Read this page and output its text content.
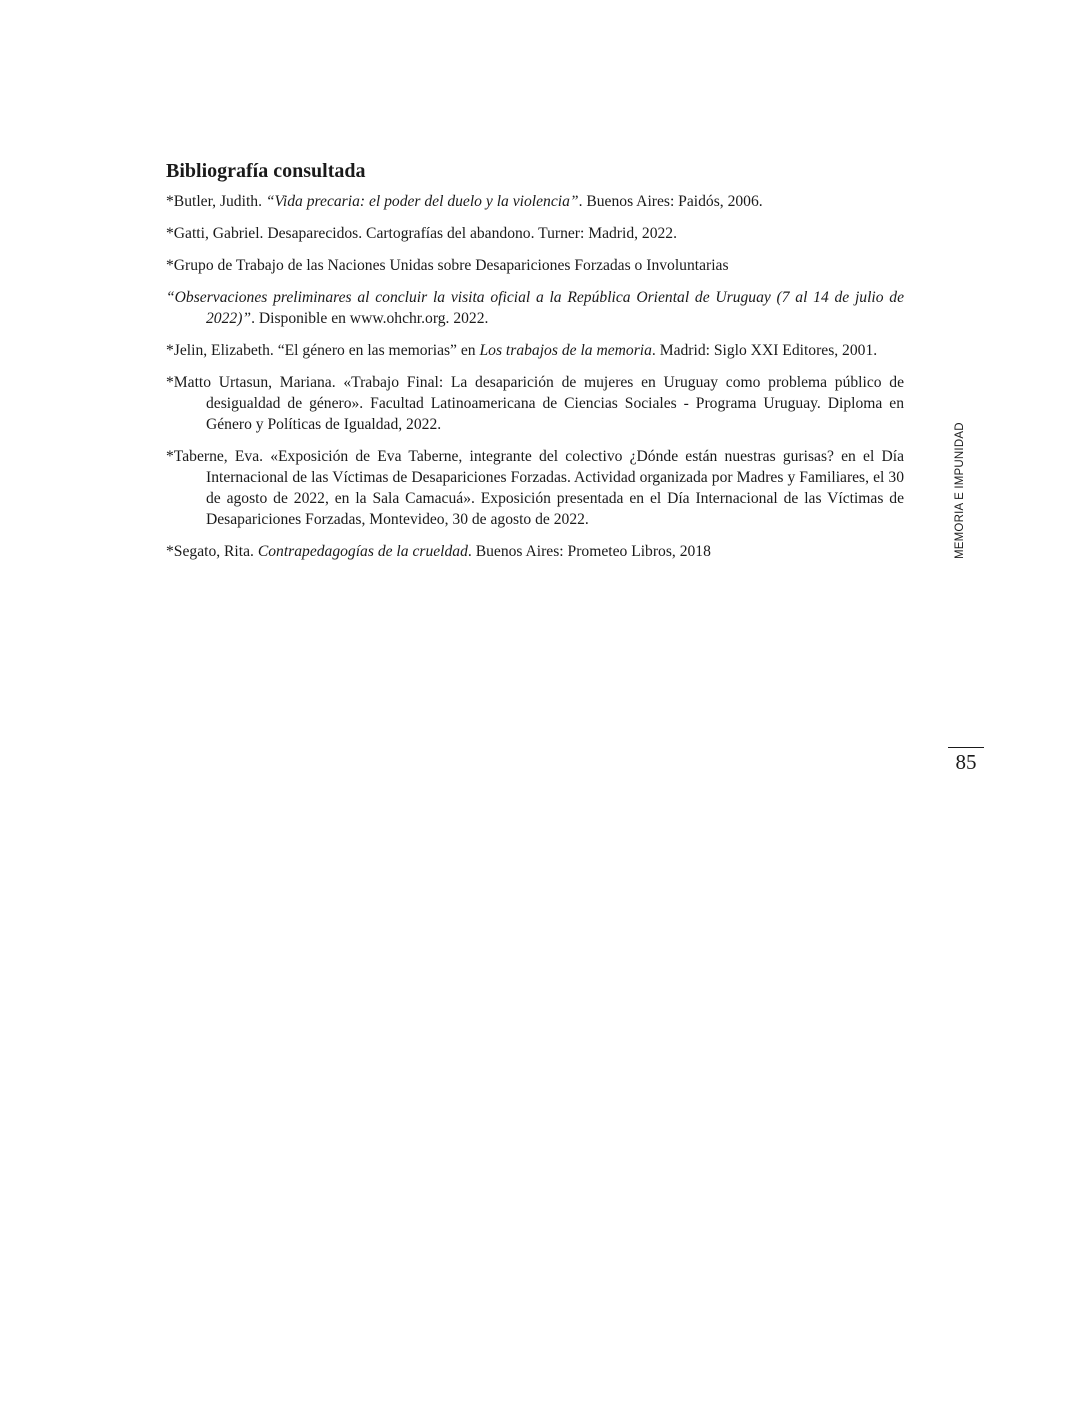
Bibliografía consultada
*Butler, Judith. “Vida precaria: el poder del duelo y la violencia”. Buenos Aires: Paidós, 2006.
*Gatti, Gabriel. Desaparecidos. Cartografías del abandono. Turner: Madrid, 2022.
*Grupo de Trabajo de las Naciones Unidas sobre Desapariciones Forzadas o Involuntarias
“Observaciones preliminares al concluir la visita oficial a la República Oriental de Uruguay (7 al 14 de julio de 2022)”. Disponible en www.ohchr.org. 2022.
*Jelin, Elizabeth. “El género en las memorias” en Los trabajos de la memoria. Madrid: Siglo XXI Editores, 2001.
*Matto Urtasun, Mariana. «Trabajo Final: La desaparición de mujeres en Uruguay como problema público de desigualdad de género». Facultad Latinoamericana de Ciencias Sociales - Programa Uruguay. Diploma en Género y Políticas de Igualdad, 2022.
*Taberne, Eva. «Exposición de Eva Taberne, integrante del colectivo ¿Dónde están nuestras gurisas? en el Día Internacional de las Víctimas de Desapariciones Forzadas. Actividad organizada por Madres y Familiares, el 30 de agosto de 2022, en la Sala Camacuá». Exposición presentada en el Día Internacional de las Víctimas de Desapariciones Forzadas, Montevideo, 30 de agosto de 2022.
*Segato, Rita. Contrapedagogías de la crueldad. Buenos Aires: Prometeo Libros, 2018	MEMORIA E IMPUNIDAD
85
